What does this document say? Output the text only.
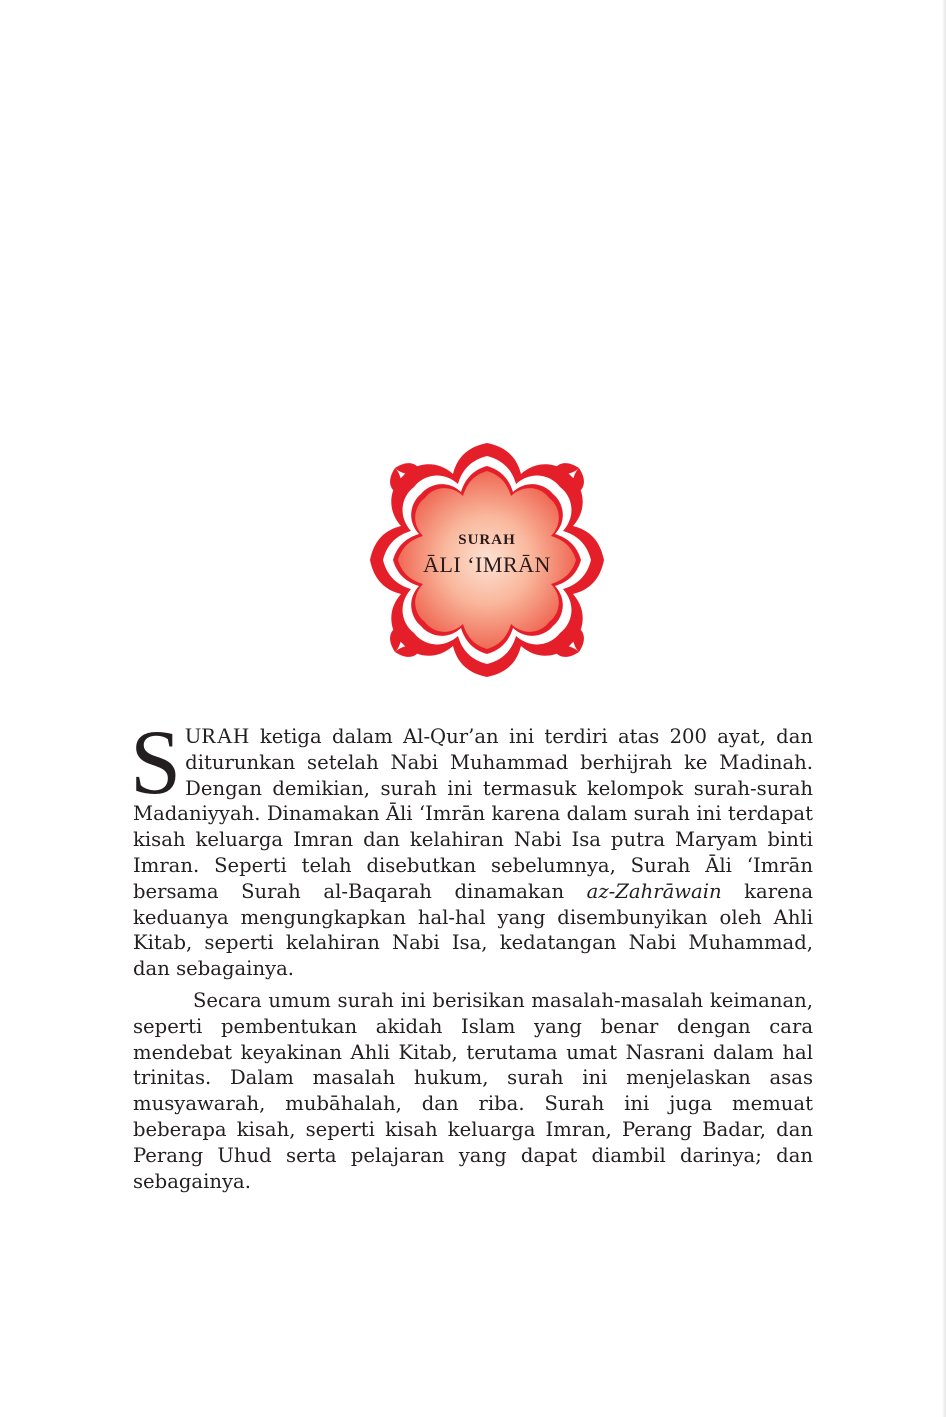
SURAH
ĀLI ‘IMRĀN

SURAH ketiga dalam Al-Qur’an ini terdiri atas 200 ayat, dan diturunkan setelah Nabi Muhammad berhijrah ke Madinah. Dengan demikian, surah ini termasuk kelompok surah-surah Madaniyyah. Dinamakan Āli ‘Imrān karena dalam surah ini terdapat kisah keluarga Imran dan kelahiran Nabi Isa putra Maryam binti Imran. Seperti telah disebutkan sebelumnya, Surah Āli ‘Imrān bersama Surah al-Baqarah dinamakan az-Zahrāwain karena keduanya mengungkapkan hal-hal yang disembunyikan oleh Ahli Kitab, seperti kelahiran Nabi Isa, kedatangan Nabi Muhammad, dan sebagainya.

Secara umum surah ini berisikan masalah-masalah keimanan, seperti pembentukan akidah Islam yang benar dengan cara mendebat keyakinan Ahli Kitab, terutama umat Nasrani dalam hal trinitas. Dalam masalah hukum, surah ini menjelaskan asas musyawarah, mubāhalah, dan riba. Surah ini juga memuat beberapa kisah, seperti kisah keluarga Imran, Perang Badar, dan Perang Uhud serta pelajaran yang dapat diambil darinya; dan sebagainya.
